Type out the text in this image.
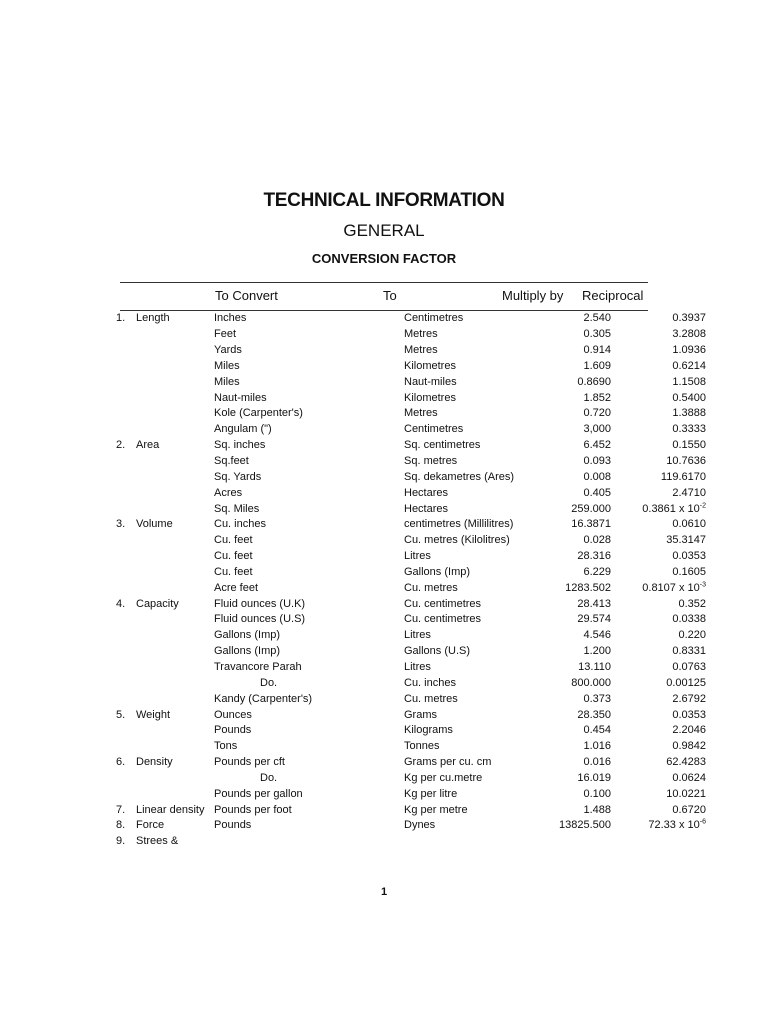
TECHNICAL INFORMATION
GENERAL
CONVERSION FACTOR
To Convert	To	Multiply by Reciprocal
1.	Length	Inches	Centimetres	2.540	0.3937
		Feet	Metres	0.305	3.2808
		Yards	Metres	0.914	1.0936
		Miles	Kilometres	1.609	0.6214
		Miles	Naut-miles	0.8690	1.1508
		Naut-miles	Kilometres	1.852	0.5400
		Kole (Carpenter's)	Metres	0.720	1.3888
		Angulam (")	Centimetres	3,000	0.3333
2.	Area	Sq. inches	Sq. centimetres	6.452	0.1550
		Sq.feet	Sq. metres	0.093	10.7636
		Sq. Yards	Sq. dekametres (Ares)	0.008	119.6170
		Acres	Hectares	0.405	2.4710
		Sq. Miles	Hectares	259.000	0.3861 x $10^{-2}$
3.	Volume	Cu. inches	centimetres (Millilitres)	16.3871	0.0610
		Cu. feet	Cu. metres (Kilolitres)	0.028	35.3147
		Cu. feet	Litres	28.316	0.0353
		Cu. feet	Gallons (Imp)	6.229	0.1605
		Acre feet	Cu. metres	1283.502	0.8107 x $10^{-3}$
4.	Capacity	Fluid ounces (U.K)	Cu. centimetres	28.413	0.352
		Fluid ounces (U.S)	Cu. centimetres	29.574	0.0338
		Gallons (Imp)	Litres	4.546	0.220
		Gallons (Imp)	Gallons (U.S)	1.200	0.8331
		Travancore Parah	Litres	13.110	0.0763
		Do.	Cu. inches	800.000	0.00125
		Kandy (Carpenter's)	Cu. metres	0.373	2.6792
5.	Weight	Ounces	Grams	28.350	0.0353
		Pounds	Kilograms	0.454	2.2046
		Tons	Tonnes	1.016	0.9842
6.	Density	Pounds per cft	Grams per cu. cm	0.016	62.4283
		Do.	Kg per cu.metre	16.019	0.0624
		Pounds per gallon	Kg per litre	0.100	10.0221
7.	Linear density	Pounds per foot	Kg per metre	1.488	0.6720
8.	Force	Pounds	Dynes	13825.500	72.33 x $10^{-6}$
9.	Strees &				
1
